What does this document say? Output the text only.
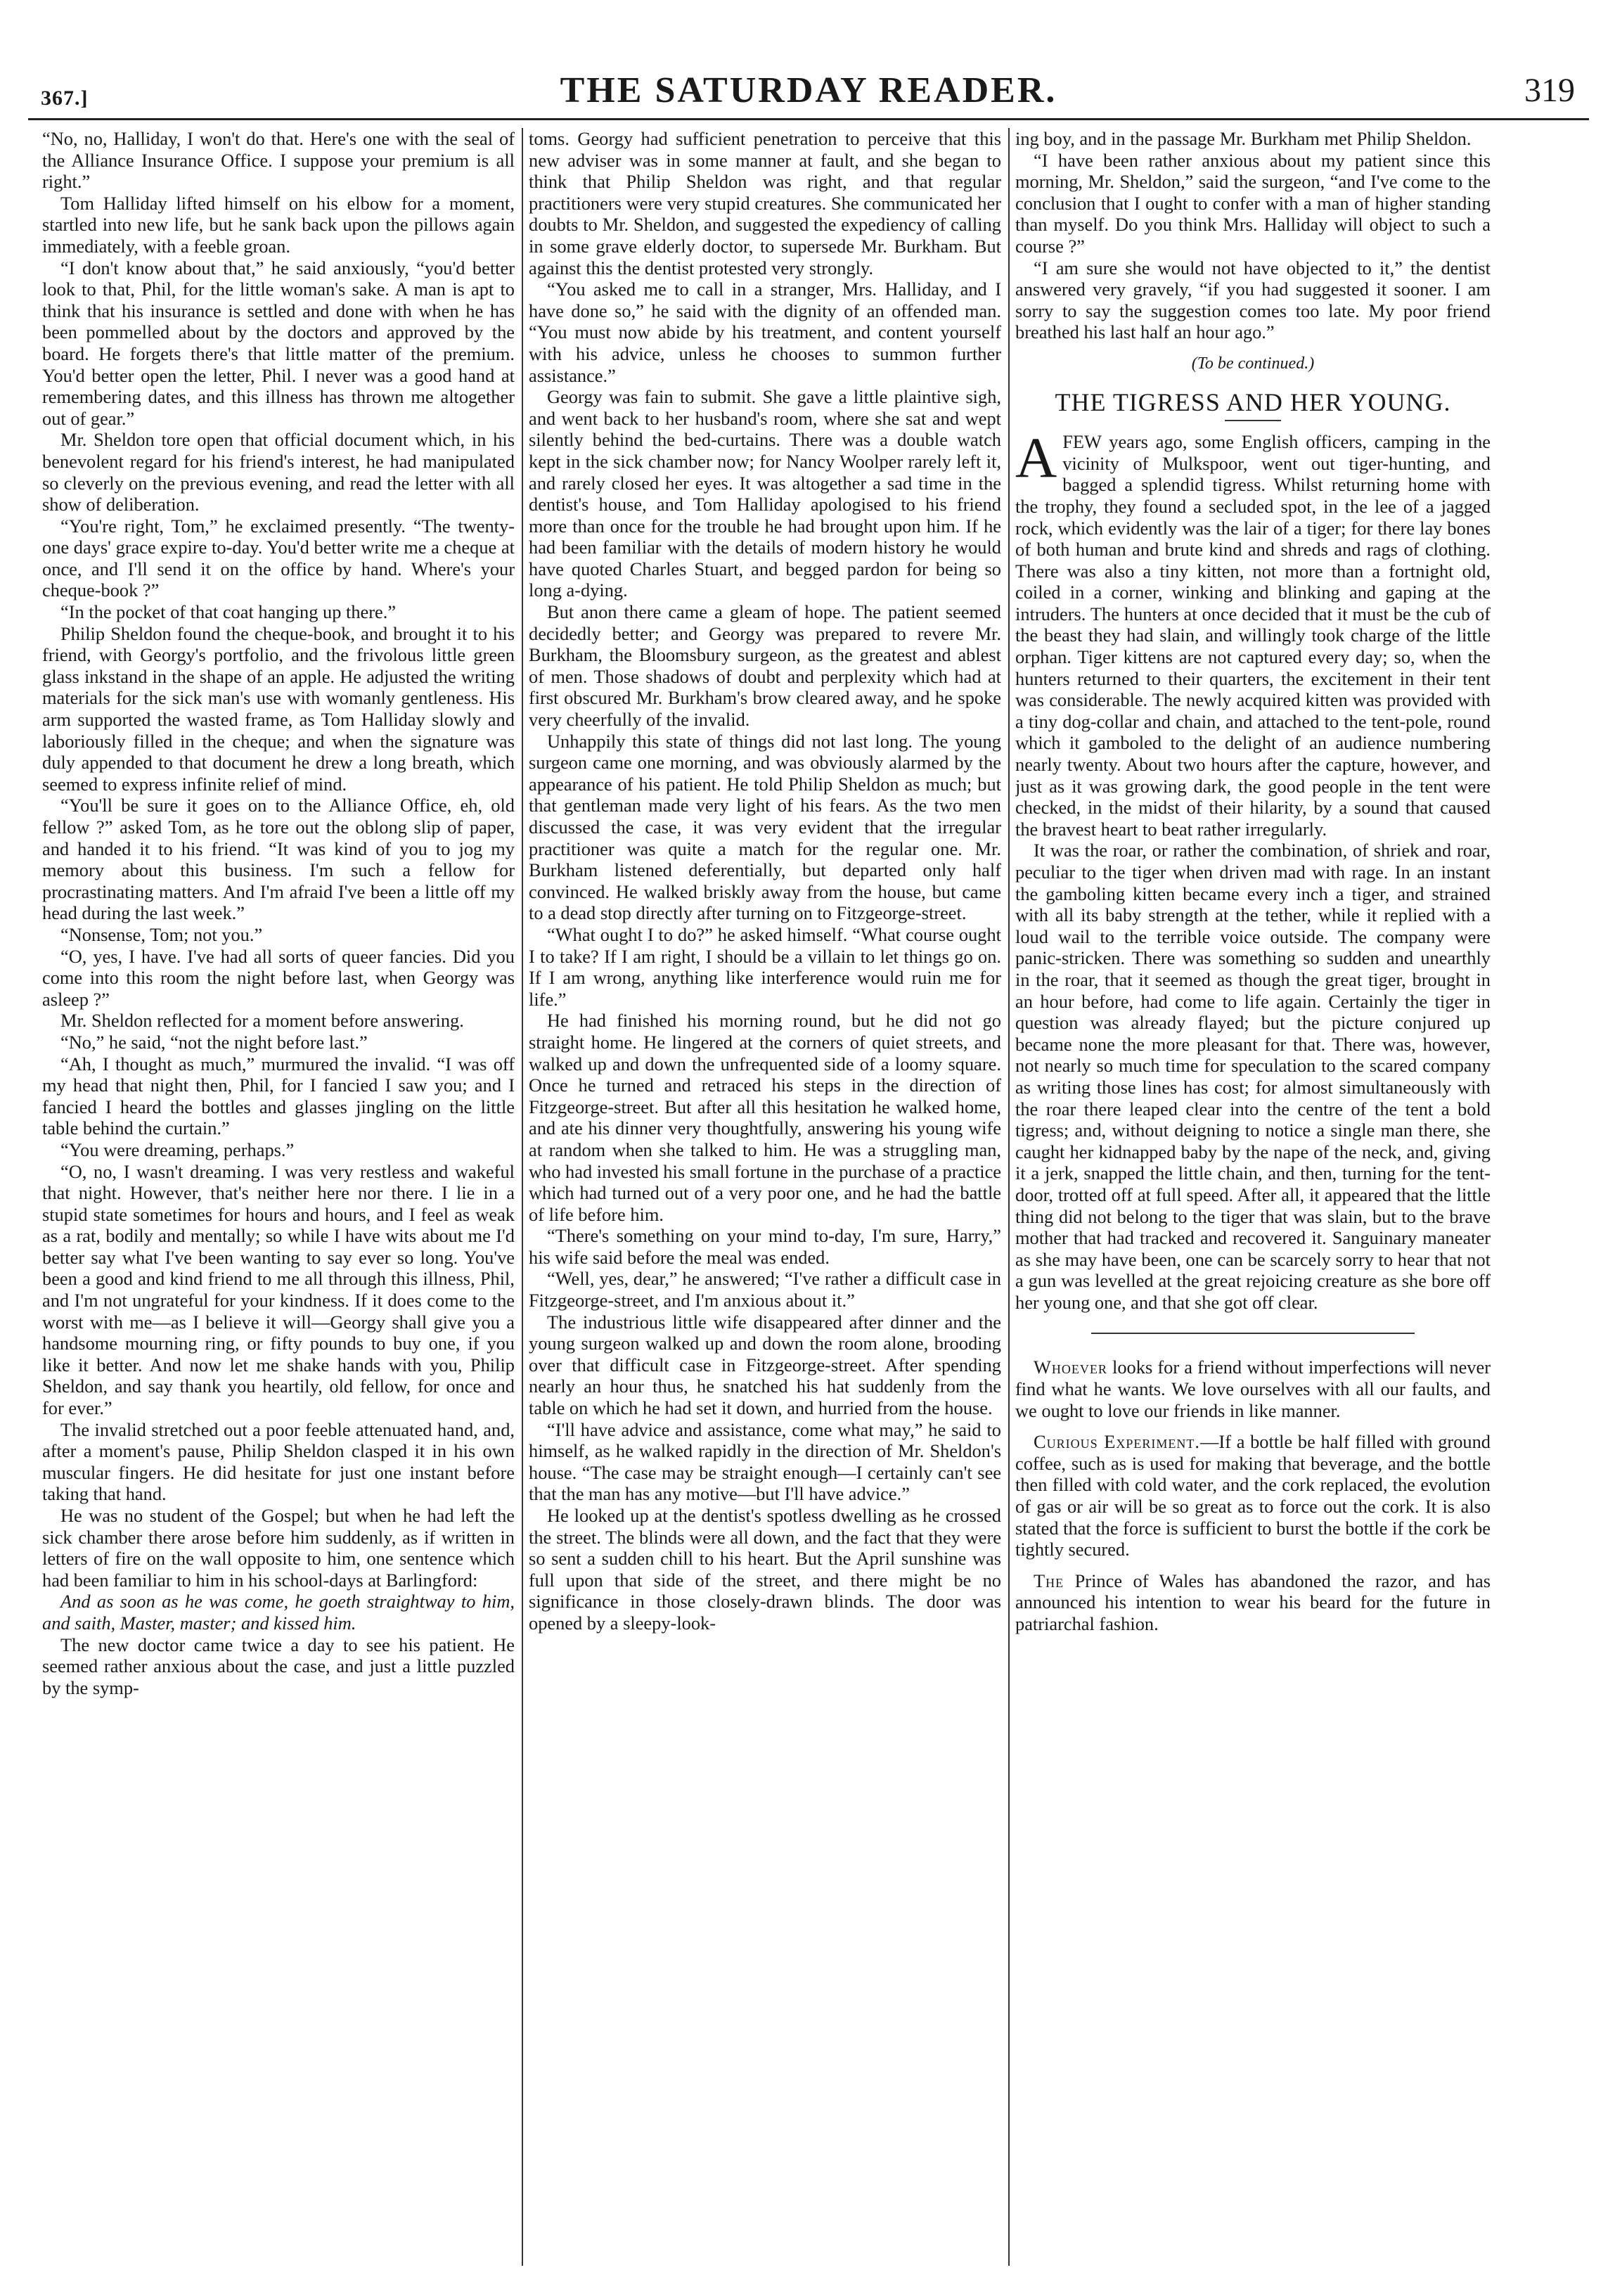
367.]	THE SATURDAY READER.	319

“No, no, Halliday, I won't do that. Here's one with the seal of the Alliance Insurance Office. I suppose your premium is all right.”

Tom Halliday lifted himself on his elbow for a moment, startled into new life, but he sank back upon the pillows again immediately, with a feeble groan.

“I don't know about that,” he said anxiously, “you'd better look to that, Phil, for the little woman's sake. A man is apt to think that his insurance is settled and done with when he has been pommelled about by the doctors and approved by the board. He forgets there's that little matter of the premium. You'd better open the letter, Phil. I never was a good hand at remembering dates, and this illness has thrown me altogether out of gear.”

Mr. Sheldon tore open that official document which, in his benevolent regard for his friend's interest, he had manipulated so cleverly on the previous evening, and read the letter with all show of deliberation.

“You're right, Tom,” he exclaimed presently. “The twenty-one days' grace expire to-day. You'd better write me a cheque at once, and I'll send it on the office by hand. Where's your cheque-book ?”

“In the pocket of that coat hanging up there.”

Philip Sheldon found the cheque-book, and brought it to his friend, with Georgy's portfolio, and the frivolous little green glass inkstand in the shape of an apple. He adjusted the writing materials for the sick man's use with womanly gentleness. His arm supported the wasted frame, as Tom Halliday slowly and laboriously filled in the cheque; and when the signature was duly appended to that document he drew a long breath, which seemed to express infinite relief of mind.

“You'll be sure it goes on to the Alliance Office, eh, old fellow ?” asked Tom, as he tore out the oblong slip of paper, and handed it to his friend. “It was kind of you to jog my memory about this business. I'm such a fellow for procrastinating matters. And I'm afraid I've been a little off my head during the last week.”

“Nonsense, Tom; not you.”

“O, yes, I have. I've had all sorts of queer fancies. Did you come into this room the night before last, when Georgy was asleep ?”

Mr. Sheldon reflected for a moment before answering.

“No,” he said, “not the night before last.”

“Ah, I thought as much,” murmured the invalid. “I was off my head that night then, Phil, for I fancied I saw you; and I fancied I heard the bottles and glasses jingling on the little table behind the curtain.”

“You were dreaming, perhaps.”

“O, no, I wasn't dreaming. I was very restless and wakeful that night. However, that's neither here nor there. I lie in a stupid state sometimes for hours and hours, and I feel as weak as a rat, bodily and mentally; so while I have wits about me I'd better say what I've been wanting to say ever so long. You've been a good and kind friend to me all through this illness, Phil, and I'm not ungrateful for your kindness. If it does come to the worst with me—as I believe it will—Georgy shall give you a handsome mourning ring, or fifty pounds to buy one, if you like it better. And now let me shake hands with you, Philip Sheldon, and say thank you heartily, old fellow, for once and for ever.”

The invalid stretched out a poor feeble attenuated hand, and, after a moment's pause, Philip Sheldon clasped it in his own muscular fingers. He did hesitate for just one instant before taking that hand.

He was no student of the Gospel; but when he had left the sick chamber there arose before him suddenly, as if written in letters of fire on the wall opposite to him, one sentence which had been familiar to him in his school-days at Barlingford:

And as soon as he was come, he goeth straightway to him, and saith, Master, master; and kissed him.

The new doctor came twice a day to see his patient. He seemed rather anxious about the case, and just a little puzzled by the symp-

toms. Georgy had sufficient penetration to perceive that this new adviser was in some manner at fault, and she began to think that Philip Sheldon was right, and that regular practitioners were very stupid creatures. She communicated her doubts to Mr. Sheldon, and suggested the expediency of calling in some grave elderly doctor, to supersede Mr. Burkham. But against this the dentist protested very strongly.

“You asked me to call in a stranger, Mrs. Halliday, and I have done so,” he said with the dignity of an offended man. “You must now abide by his treatment, and content yourself with his advice, unless he chooses to summon further assistance.”

Georgy was fain to submit. She gave a little plaintive sigh, and went back to her husband's room, where she sat and wept silently behind the bed-curtains. There was a double watch kept in the sick chamber now; for Nancy Woolper rarely left it, and rarely closed her eyes. It was altogether a sad time in the dentist's house, and Tom Halliday apologised to his friend more than once for the trouble he had brought upon him. If he had been familiar with the details of modern history he would have quoted Charles Stuart, and begged pardon for being so long a-dying.

But anon there came a gleam of hope. The patient seemed decidedly better; and Georgy was prepared to revere Mr. Burkham, the Bloomsbury surgeon, as the greatest and ablest of men. Those shadows of doubt and perplexity which had at first obscured Mr. Burkham's brow cleared away, and he spoke very cheerfully of the invalid.

Unhappily this state of things did not last long. The young surgeon came one morning, and was obviously alarmed by the appearance of his patient. He told Philip Sheldon as much; but that gentleman made very light of his fears. As the two men discussed the case, it was very evident that the irregular practitioner was quite a match for the regular one. Mr. Burkham listened deferentially, but departed only half convinced. He walked briskly away from the house, but came to a dead stop directly after turning on to Fitzgeorge-street.

“What ought I to do?” he asked himself. “What course ought I to take? If I am right, I should be a villain to let things go on. If I am wrong, anything like interference would ruin me for life.”

He had finished his morning round, but he did not go straight home. He lingered at the corners of quiet streets, and walked up and down the unfrequented side of a loomy square. Once he turned and retraced his steps in the direction of Fitzgeorge-street. But after all this hesitation he walked home, and ate his dinner very thoughtfully, answering his young wife at random when she talked to him. He was a struggling man, who had invested his small fortune in the purchase of a practice which had turned out of a very poor one, and he had the battle of life before him.

“There's something on your mind to-day, I'm sure, Harry,” his wife said before the meal was ended.

“Well, yes, dear,” he answered; “I've rather a difficult case in Fitzgeorge-street, and I'm anxious about it.”

The industrious little wife disappeared after dinner and the young surgeon walked up and down the room alone, brooding over that difficult case in Fitzgeorge-street. After spending nearly an hour thus, he snatched his hat suddenly from the table on which he had set it down, and hurried from the house.

“I'll have advice and assistance, come what may,” he said to himself, as he walked rapidly in the direction of Mr. Sheldon's house. “The case may be straight enough—I certainly can't see that the man has any motive—but I'll have advice.”

He looked up at the dentist's spotless dwelling as he crossed the street. The blinds were all down, and the fact that they were so sent a sudden chill to his heart. But the April sunshine was full upon that side of the street, and there might be no significance in those closely-drawn blinds. The door was opened by a sleepy-look-

ing boy, and in the passage Mr. Burkham met Philip Sheldon.

“I have been rather anxious about my patient since this morning, Mr. Sheldon,” said the surgeon, “and I've come to the conclusion that I ought to confer with a man of higher standing than myself. Do you think Mrs. Halliday will object to such a course ?”

“I am sure she would not have objected to it,” the dentist answered very gravely, “if you had suggested it sooner. I am sorry to say the suggestion comes too late. My poor friend breathed his last half an hour ago.”

(To be continued.)
THE TIGRESS AND HER YOUNG.

AFEW years ago, some English officers, camping in the vicinity of Mulkspoor, went out tiger-hunting, and bagged a splendid tigress. Whilst returning home with the trophy, they found a secluded spot, in the lee of a jagged rock, which evidently was the lair of a tiger; for there lay bones of both human and brute kind and shreds and rags of clothing. There was also a tiny kitten, not more than a fortnight old, coiled in a corner, winking and blinking and gaping at the intruders. The hunters at once decided that it must be the cub of the beast they had slain, and willingly took charge of the little orphan. Tiger kittens are not captured every day; so, when the hunters returned to their quarters, the excitement in their tent was considerable. The newly acquired kitten was provided with a tiny dog-collar and chain, and attached to the tent-pole, round which it gamboled to the delight of an audience numbering nearly twenty. About two hours after the capture, however, and just as it was growing dark, the good people in the tent were checked, in the midst of their hilarity, by a sound that caused the bravest heart to beat rather irregularly.

It was the roar, or rather the combination, of shriek and roar, peculiar to the tiger when driven mad with rage. In an instant the gamboling kitten became every inch a tiger, and strained with all its baby strength at the tether, while it replied with a loud wail to the terrible voice outside. The company were panic-stricken. There was something so sudden and unearthly in the roar, that it seemed as though the great tiger, brought in an hour before, had come to life again. Certainly the tiger in question was already flayed; but the picture conjured up became none the more pleasant for that. There was, however, not nearly so much time for speculation to the scared company as writing those lines has cost; for almost simultaneously with the roar there leaped clear into the centre of the tent a bold tigress; and, without deigning to notice a single man there, she caught her kidnapped baby by the nape of the neck, and, giving it a jerk, snapped the little chain, and then, turning for the tent-door, trotted off at full speed. After all, it appeared that the little thing did not belong to the tiger that was slain, but to the brave mother that had tracked and recovered it. Sanguinary maneater as she may have been, one can be scarcely sorry to hear that not a gun was levelled at the great rejoicing creature as she bore off her young one, and that she got off clear.

Whoever looks for a friend without imperfections will never find what he wants. We love ourselves with all our faults, and we ought to love our friends in like manner.

Curious Experiment.—If a bottle be half filled with ground coffee, such as is used for making that beverage, and the bottle then filled with cold water, and the cork replaced, the evolution of gas or air will be so great as to force out the cork. It is also stated that the force is sufficient to burst the bottle if the cork be tightly secured.

The Prince of Wales has abandoned the razor, and has announced his intention to wear his beard for the future in patriarchal fashion.
